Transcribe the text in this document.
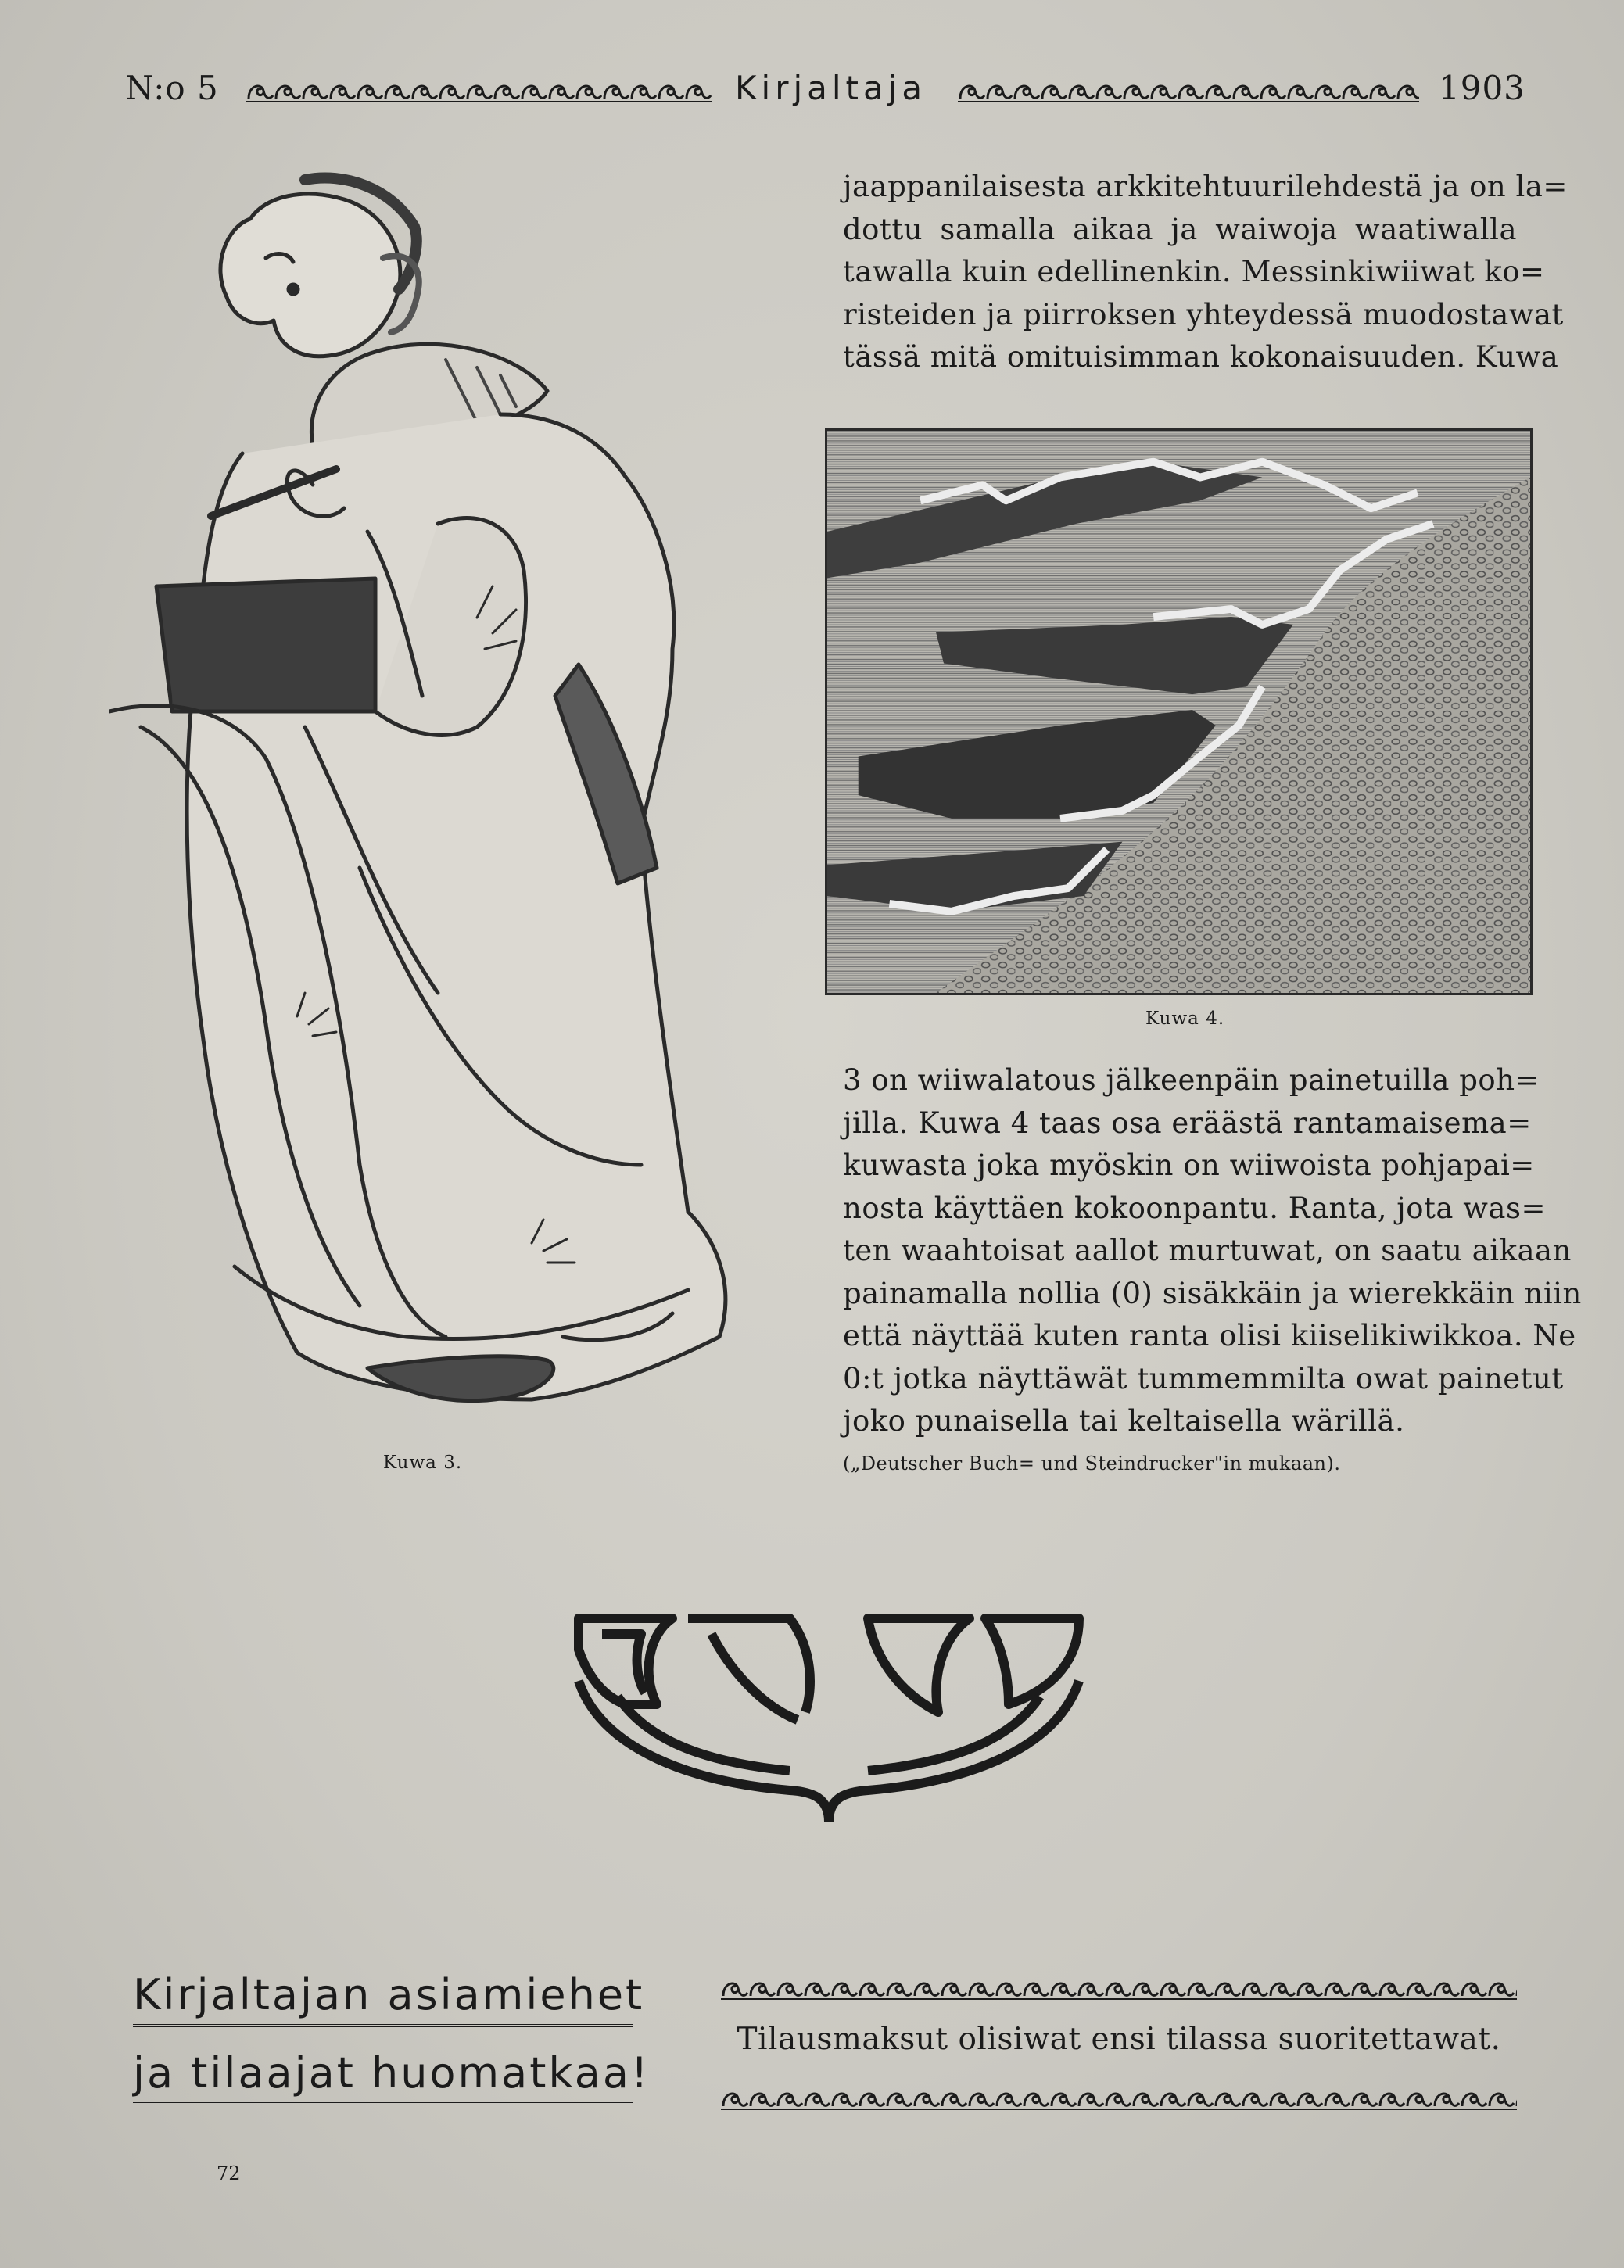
N:o 5	Kirjaltaja	1903
Kuwa 3.
jaappanilaisesta arkkitehtuurilehdestä ja on la=
dottu samalla aikaa ja waiwoja waatiwalla
tawalla kuin edellinenkin. Messinkiwiiwat ko=
risteiden ja piirroksen yhteydessä muodostawat
tässä mitä omituisimman kokonaisuuden. Kuwa
Kuwa 4.
3 on wiiwalatous jälkeenpäin painetuilla poh=
jilla. Kuwa 4 taas osa eräästä rantamaisema=
kuwasta joka myöskin on wiiwoista pohjapai=
nosta käyttäen kokoonpantu. Ranta, jota was=
ten waahtoisat aallot murtuwat, on saatu aikaan
painamalla nollia (0) sisäkkäin ja wierekkäin niin
että näyttää kuten ranta olisi kiiselikiwikkoa. Ne
0:t jotka näyttäwät tummemmilta owat painetut
joko punaisella tai keltaisella wärillä.
(„Deutscher Buch= und Steindrucker"in mukaan).
Kirjaltajan asiamiehet
ja tilaajat huomatkaa!
Tilausmaksut olisiwat ensi tilassa suoritettawat.
72
